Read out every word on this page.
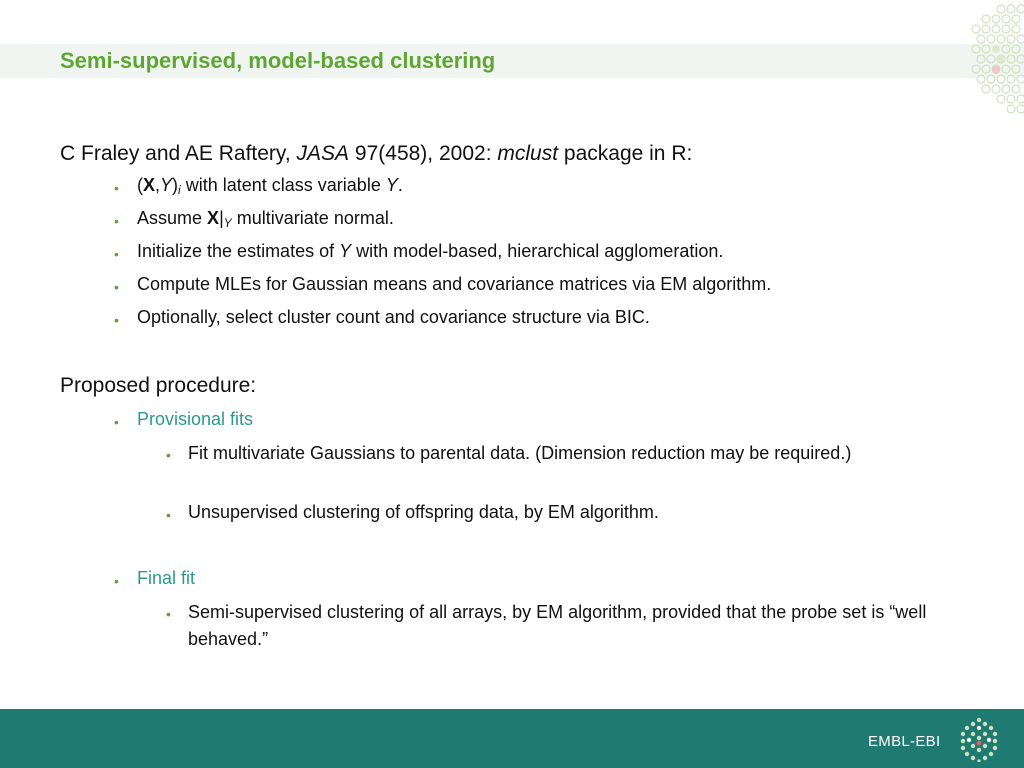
Semi-supervised, model-based clustering
C Fraley and AE Raftery, JASA 97(458), 2002: mclust package in R:
• $(X,Y)_i$ with latent class variable Y.
• Assume $X|_Y$ multivariate normal.
• Initialize the estimates of Y with model-based, hierarchical agglomeration.
• Compute MLEs for Gaussian means and covariance matrices via EM algorithm.
• Optionally, select cluster count and covariance structure via BIC.
Proposed procedure:
• Provisional fits
• Fit multivariate Gaussians to parental data. (Dimension reduction may be required.)
• Unsupervised clustering of offspring data, by EM algorithm.
• Final fit
• Semi-supervised clustering of all arrays, by EM algorithm, provided that the probe set is “well behaved.”
EMBL-EBI
